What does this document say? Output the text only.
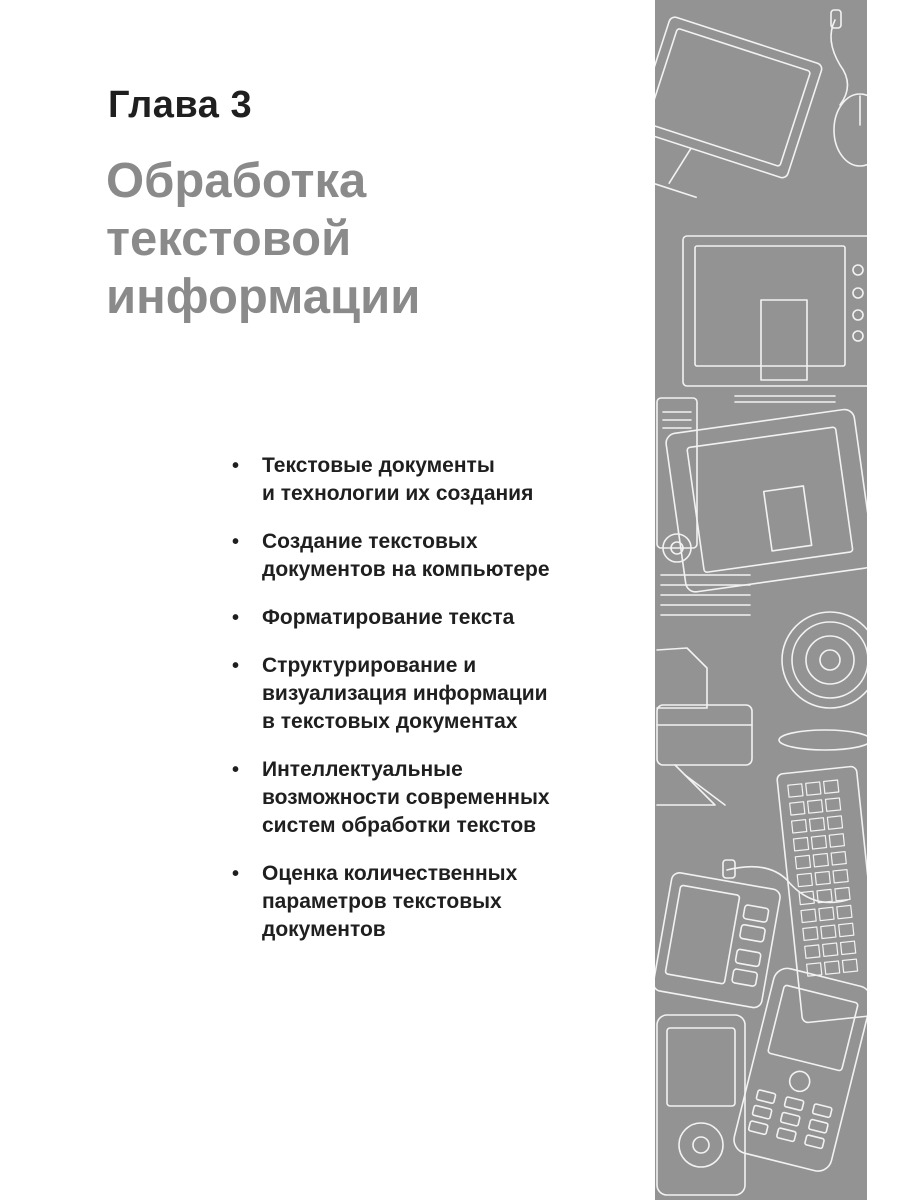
Глава 3
Обработка
текстовой
информации
• Текстовые документы
и технологии их создания
• Создание текстовых
документов на компьютере
• Форматирование текста
• Структурирование и
визуализация информации
в текстовых документах
• Интеллектуальные
возможности современных
систем обработки текстов
• Оценка количественных
параметров текстовых
документов
